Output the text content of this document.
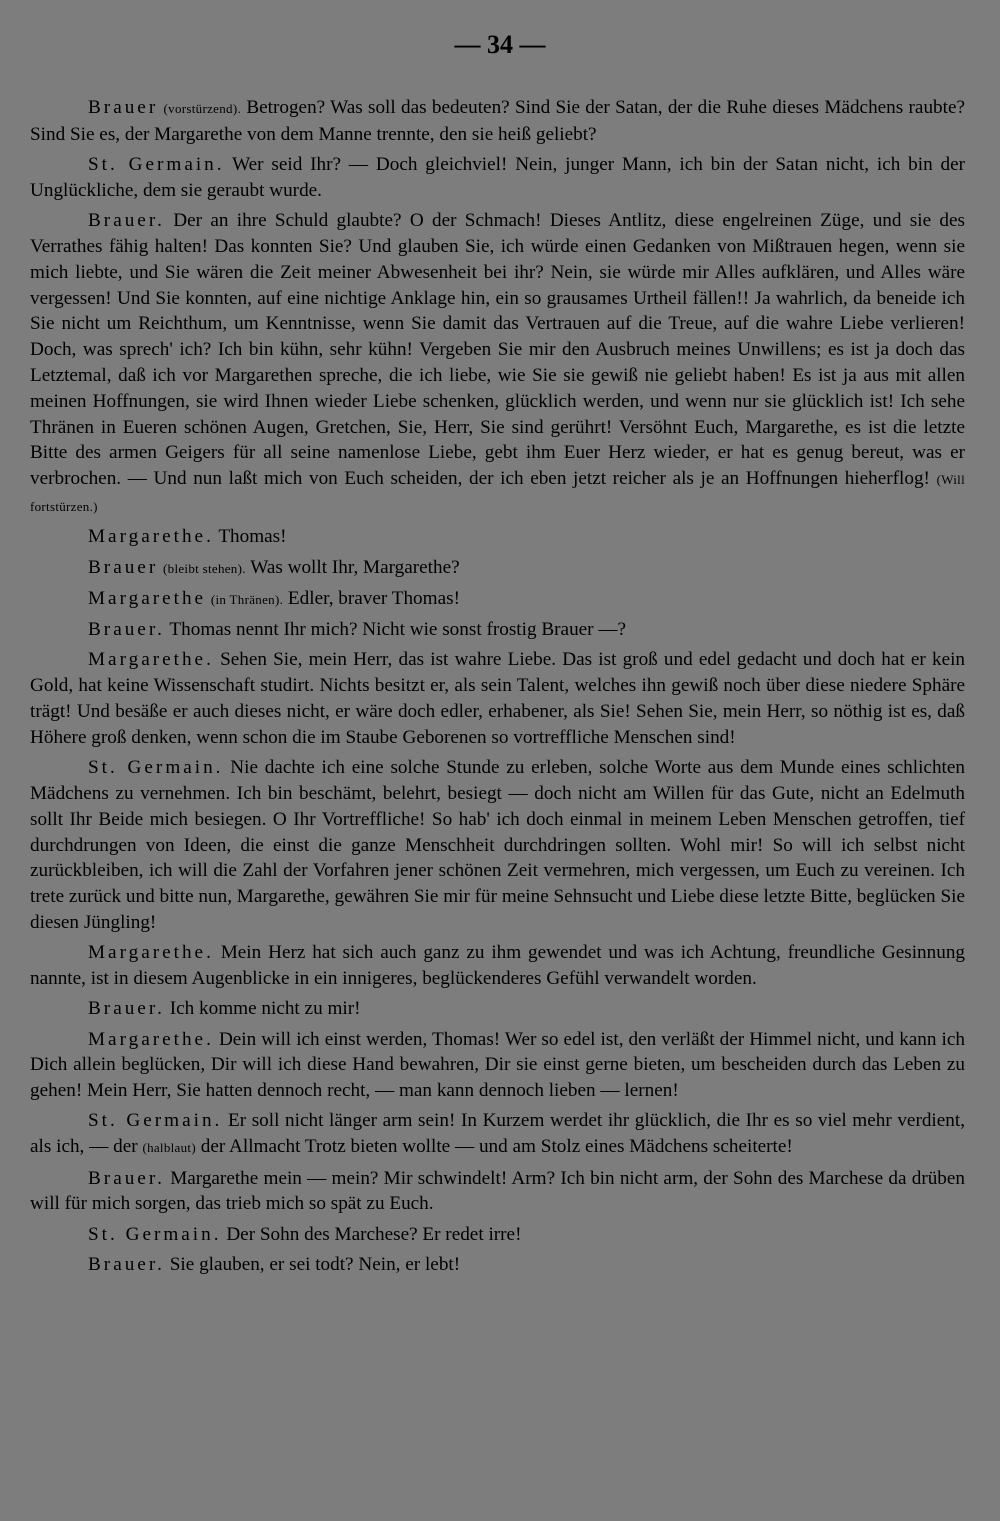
— 34 —

Brauer (vorstürzend). Betrogen? Was soll das bedeuten? Sind Sie der Satan, der die Ruhe dieses Mädchens raubte? Sind Sie es, der Margarethe von dem Manne trennte, den sie heiß geliebt?

St. Germain. Wer seid Ihr? — Doch gleichviel! Nein, junger Mann, ich bin der Satan nicht, ich bin der Unglückliche, dem sie geraubt wurde.

Brauer. Der an ihre Schuld glaubte? O der Schmach! Dieses Antlitz, diese engelreinen Züge, und sie des Verrathes fähig halten! Das konnten Sie? Und glauben Sie, ich würde einen Gedanken von Mißtrauen hegen, wenn sie mich liebte, und Sie wären die Zeit meiner Abwesenheit bei ihr? Nein, sie würde mir Alles aufklären, und Alles wäre vergessen! Und Sie konnten, auf eine nichtige Anklage hin, ein so grausames Urtheil fällen!! Ja wahrlich, da beneide ich Sie nicht um Reichthum, um Kenntnisse, wenn Sie damit das Vertrauen auf die Treue, auf die wahre Liebe verlieren! Doch, was sprech' ich? Ich bin kühn, sehr kühn! Vergeben Sie mir den Ausbruch meines Unwillens; es ist ja doch das Letztemal, daß ich vor Margarethen spreche, die ich liebe, wie Sie sie gewiß nie geliebt haben! Es ist ja aus mit allen meinen Hoffnungen, sie wird Ihnen wieder Liebe schenken, glücklich werden, und wenn nur sie glücklich ist! Ich sehe Thränen in Eueren schönen Augen, Gretchen, Sie, Herr, Sie sind gerührt! Versöhnt Euch, Margarethe, es ist die letzte Bitte des armen Geigers für all seine namenlose Liebe, gebt ihm Euer Herz wieder, er hat es genug bereut, was er verbrochen. — Und nun laßt mich von Euch scheiden, der ich eben jetzt reicher als je an Hoffnungen hieherflog! (Will fortstürzen.)

Margarethe. Thomas!

Brauer (bleibt stehen). Was wollt Ihr, Margarethe?

Margarethe (in Thränen). Edler, braver Thomas!

Brauer. Thomas nennt Ihr mich? Nicht wie sonst frostig Brauer —?

Margarethe. Sehen Sie, mein Herr, das ist wahre Liebe. Das ist groß und edel gedacht und doch hat er kein Gold, hat keine Wissenschaft studirt. Nichts besitzt er, als sein Talent, welches ihn gewiß noch über diese niedere Sphäre trägt! Und besäße er auch dieses nicht, er wäre doch edler, erhabener, als Sie! Sehen Sie, mein Herr, so nöthig ist es, daß Höhere groß denken, wenn schon die im Staube Geborenen so vortreffliche Menschen sind!

St. Germain. Nie dachte ich eine solche Stunde zu erleben, solche Worte aus dem Munde eines schlichten Mädchens zu vernehmen. Ich bin beschämt, belehrt, besiegt — doch nicht am Willen für das Gute, nicht an Edelmuth sollt Ihr Beide mich besiegen. O Ihr Vortreffliche! So hab' ich doch einmal in meinem Leben Menschen getroffen, tief durchdrungen von Ideen, die einst die ganze Menschheit durchdringen sollten. Wohl mir! So will ich selbst nicht zurückbleiben, ich will die Zahl der Vorfahren jener schönen Zeit vermehren, mich vergessen, um Euch zu vereinen. Ich trete zurück und bitte nun, Margarethe, gewähren Sie mir für meine Sehnsucht und Liebe diese letzte Bitte, beglücken Sie diesen Jüngling!

Margarethe. Mein Herz hat sich auch ganz zu ihm gewendet und was ich Achtung, freundliche Gesinnung nannte, ist in diesem Augenblicke in ein innigeres, beglückenderes Gefühl verwandelt worden.

Brauer. Ich komme nicht zu mir!

Margarethe. Dein will ich einst werden, Thomas! Wer so edel ist, den verläßt der Himmel nicht, und kann ich Dich allein beglücken, Dir will ich diese Hand bewahren, Dir sie einst gerne bieten, um bescheiden durch das Leben zu gehen! Mein Herr, Sie hatten dennoch recht, — man kann dennoch lieben — lernen!

St. Germain. Er soll nicht länger arm sein! In Kurzem werdet ihr glücklich, die Ihr es so viel mehr verdient, als ich, — der (halblaut) der Allmacht Trotz bieten wollte — und am Stolz eines Mädchens scheiterte!

Brauer. Margarethe mein — mein? Mir schwindelt! Arm? Ich bin nicht arm, der Sohn des Marchese da drüben will für mich sorgen, das trieb mich so spät zu Euch.

St. Germain. Der Sohn des Marchese? Er redet irre!

Brauer. Sie glauben, er sei todt? Nein, er lebt!
